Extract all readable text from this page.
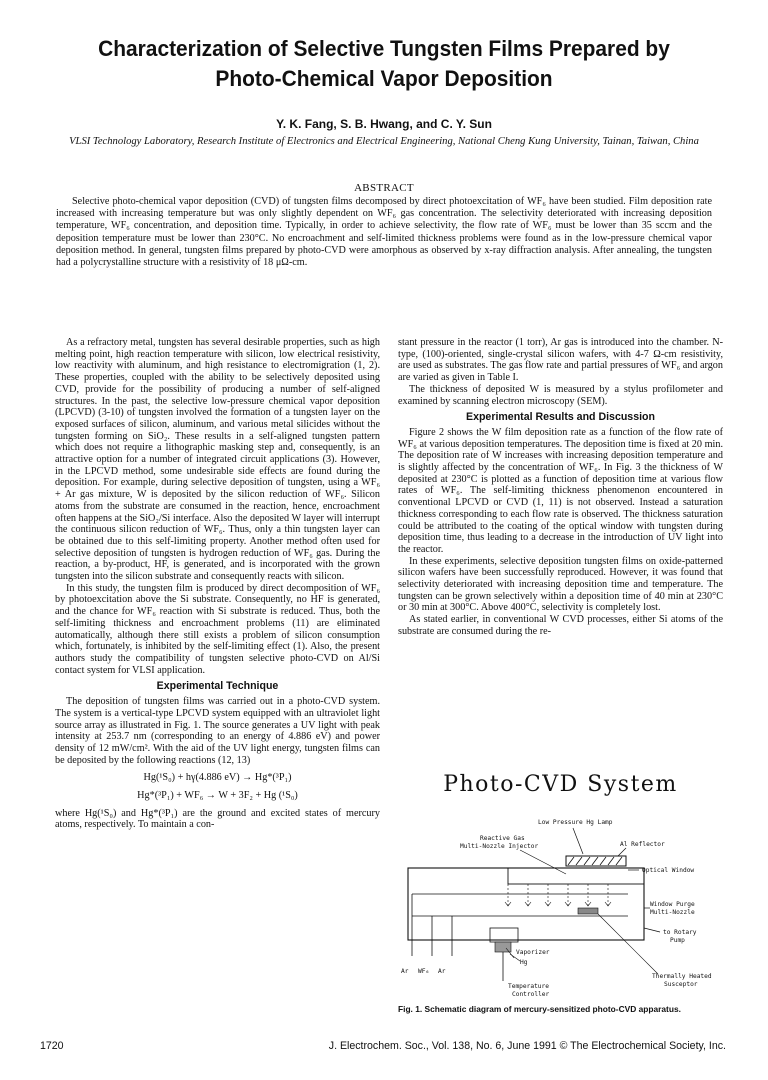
Characterization of Selective Tungsten Films Prepared by Photo-Chemical Vapor Deposition
Y. K. Fang, S. B. Hwang, and C. Y. Sun
VLSI Technology Laboratory, Research Institute of Electronics and Electrical Engineering, National Cheng Kung University, Tainan, Taiwan, China
ABSTRACT
Selective photo-chemical vapor deposition (CVD) of tungsten films decomposed by direct photoexcitation of WF₆ have been studied. Film deposition rate increased with increasing temperature but was only slightly dependent on WF₆ gas concentration. The selectivity deteriorated with increasing deposition temperature, WF₆ concentration, and deposition time. Typically, in order to achieve selectivity, the flow rate of WF₆ must be lower than 35 sccm and the deposition temperature must be lower than 230°C. No encroachment and self-limited thickness problems were found as in the low-pressure chemical vapor deposition method. In general, tungsten films prepared by photo-CVD were amorphous as observed by x-ray diffraction analysis. After annealing, the tungsten had a polycrystalline structure with a resistivity of 18 μΩ-cm.

As a refractory metal, tungsten has several desirable properties, such as high melting point, high reaction temperature with silicon, low electrical resistivity, low reactivity with aluminum, and high resistance to electromigration (1, 2). These properties, coupled with the ability to be selectively deposited using CVD, provide for the possibility of producing a number of self-aligned structures. In the past, the selective low-pressure chemical vapor deposition (LPCVD) (3-10) of tungsten involved the formation of a tungsten layer on the exposed surfaces of silicon, aluminum, and various metal silicides without the tungsten forming on SiO₂. These results in a self-aligned tungsten pattern which does not require a lithographic masking step and, consequently, is an attractive option for a number of integrated circuit applications (3). However, in the LPCVD method, some undesirable side effects are found during the deposition. For example, during selective deposition of tungsten, using a WF₆ + Ar gas mixture, W is deposited by the silicon reduction of WF₆. Silicon atoms from the substrate are consumed in the reaction, hence, encroachment often happens at the SiO₂/Si interface. Also the deposited W layer will interrupt the continuous silicon reduction of WF₆. Thus, only a thin tungsten layer can be obtained due to this self-limiting property. Another method often used for selective deposition of tungsten is hydrogen reduction of WF₆ gas. During the reaction, a by-product, HF, is generated, and is incorporated with the grown tungsten into the silicon substrate and consequently reacts with silicon.

In this study, the tungsten film is produced by direct decomposition of WF₆ by photoexcitation above the Si substrate. Consequently, no HF is generated, and the chance for WF₆ reaction with Si substrate is reduced. Thus, both the self-limiting thickness and encroachment problems (11) are eliminated automatically, although there still exists a problem of silicon consumption which, fortunately, is inhibited by the self-limiting effect (1). Also, the present authors study the compatibility of tungsten selective photo-CVD on Al/Si contact system for VLSI application.

Experimental Technique

The deposition of tungsten films was carried out in a photo-CVD system. The system is a vertical-type LPCVD system equipped with an ultraviolet light source array as illustrated in Fig. 1. The source generates a UV light with peak intensity at 253.7 nm (corresponding to an energy of 4.886 eV) and power density of 12 mW/cm². With the aid of the UV light energy, tungsten films can be deposited by the following reactions (12, 13)

Hg(¹S₀) + hγ(4.886 eV) → Hg*(³P₁)

Hg*(³P₁) + WF₆ → W + 3F₂ + Hg (¹S₀)

where Hg(¹S₀) and Hg*(³P₁) are the ground and excited states of mercury atoms, respectively. To maintain a con-

stant pressure in the reactor (1 torr), Ar gas is introduced into the chamber. N-type, (100)-oriented, single-crystal silicon wafers, with 4-7 Ω-cm resistivity, are used as substrates. The gas flow rate and partial pressures of WF₆ and argon are varied as given in Table I.

The thickness of deposited W is measured by a stylus profilometer and examined by scanning electron microscopy (SEM).

Experimental Results and Discussion

Figure 2 shows the W film deposition rate as a function of the flow rate of WF₆ at various deposition temperatures. The deposition time is fixed at 20 min. The deposition rate of W increases with increasing deposition temperature and is slightly affected by the concentration of WF₆. In Fig. 3 the thickness of W deposited at 230°C is plotted as a function of deposition time at various flow rates of WF₆. The self-limiting thickness phenomenon encountered in conventional LPCVD or CVD (1, 11) is not observed. Instead a saturation thickness corresponding to each flow rate is observed. The thickness saturation could be attributed to the coating of the optical window with tungsten during deposition time, thus leading to a decrease in the introduction of UV light into the reactor.

In these experiments, selective deposition tungsten films on oxide-patterned silicon wafers have been successfully reproduced. However, it was found that selectivity deteriorated with increasing deposition time and temperature. The tungsten can be grown selectively within a deposition time of 40 min at 230°C or 30 min at 300°C. Above 400°C, selectivity is completely lost.

As stated earlier, in conventional W CVD processes, either Si atoms of the substrate are consumed during the re-

Photo-CVD System
Low Pressure Hg Lamp
Reactive Gas
Multi-Nozzle Injector	Al Reflector
Optical Window
Window Purge
Multi-Nozzle
to Rotary
Pump
Vaporizer
Hg
Ar WF₆ Ar
Temperature
Controller
Thermally Heated
Susceptor
Fig. 1. Schematic diagram of mercury-sensitized photo-CVD apparatus.
1720	J. Electrochem. Soc., Vol. 138, No. 6, June 1991 © The Electrochemical Society, Inc.
